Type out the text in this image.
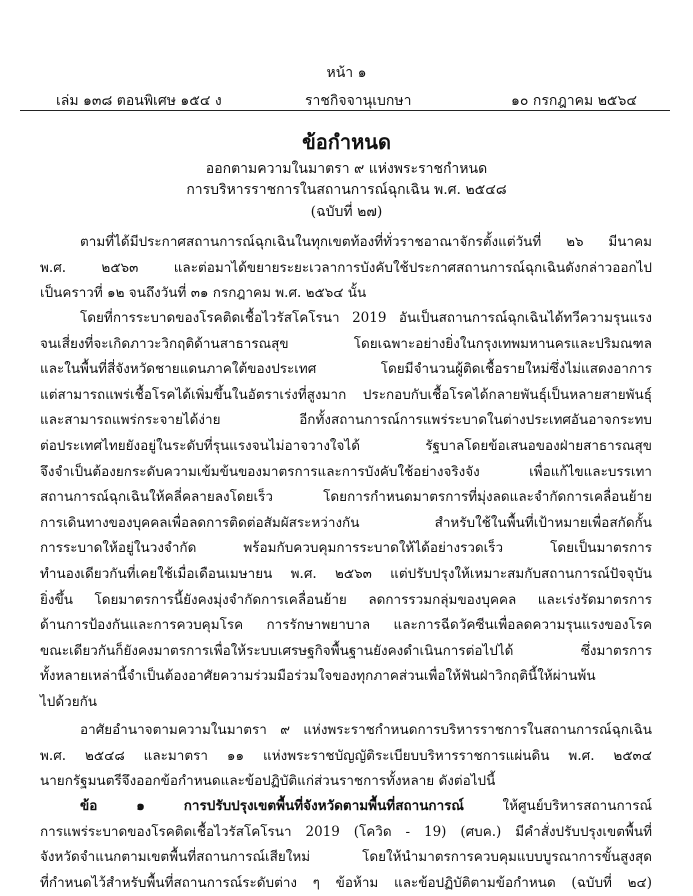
หน้า ๑
เล่ม ๑๓๘ ตอนพิเศษ ๑๕๔ ง	ราชกิจจานุเบกษา	๑๐ กรกฎาคม ๒๕๖๔
ข้อกำหนด
ออกตามความในมาตรา ๙ แห่งพระราชกำหนด
การบริหารราชการในสถานการณ์ฉุกเฉิน พ.ศ. ๒๕๔๘
(ฉบับที่ ๒๗)
ตามที่ได้มีประกาศสถานการณ์ฉุกเฉินในทุกเขตท้องที่ทั่วราชอาณาจักรตั้งแต่วันที่ ๒๖ มีนาคม
พ.ศ. ๒๕๖๓ และต่อมาได้ขยายระยะเวลาการบังคับใช้ประกาศสถานการณ์ฉุกเฉินดังกล่าวออกไป
เป็นคราวที่ ๑๒ จนถึงวันที่ ๓๑ กรกฎาคม พ.ศ. ๒๕๖๔ นั้น
โดยที่การระบาดของโรคติดเชื้อไวรัสโคโรนา 2019 อันเป็นสถานการณ์ฉุกเฉินได้ทวีความรุนแรง
จนเสี่ยงที่จะเกิดภาวะวิกฤติด้านสาธารณสุข โดยเฉพาะอย่างยิ่งในกรุงเทพมหานครและปริมณฑล
และในพื้นที่สี่จังหวัดชายแดนภาคใต้ของประเทศ โดยมีจำนวนผู้ติดเชื้อรายใหม่ซึ่งไม่แสดงอาการ
แต่สามารถแพร่เชื้อโรคได้เพิ่มขึ้นในอัตราเร่งที่สูงมาก ประกอบกับเชื้อโรคได้กลายพันธุ์เป็นหลายสายพันธุ์
และสามารถแพร่กระจายได้ง่าย อีกทั้งสถานการณ์การแพร่ระบาดในต่างประเทศอันอาจกระทบ
ต่อประเทศไทยยังอยู่ในระดับที่รุนแรงจนไม่อาจวางใจได้ รัฐบาลโดยข้อเสนอของฝ่ายสาธารณสุข
จึงจำเป็นต้องยกระดับความเข้มข้นของมาตรการและการบังคับใช้อย่างจริงจัง เพื่อแก้ไขและบรรเทา
สถานการณ์ฉุกเฉินให้คลี่คลายลงโดยเร็ว โดยการกำหนดมาตรการที่มุ่งลดและจำกัดการเคลื่อนย้าย
การเดินทางของบุคคลเพื่อลดการติดต่อสัมผัสระหว่างกัน สำหรับใช้ในพื้นที่เป้าหมายเพื่อสกัดกั้น
การระบาดให้อยู่ในวงจำกัด พร้อมกับควบคุมการระบาดให้ได้อย่างรวดเร็ว โดยเป็นมาตรการ
ทำนองเดียวกันที่เคยใช้เมื่อเดือนเมษายน พ.ศ. ๒๕๖๓ แต่ปรับปรุงให้เหมาะสมกับสถานการณ์ปัจจุบัน
ยิ่งขึ้น โดยมาตรการนี้ยังคงมุ่งจำกัดการเคลื่อนย้าย ลดการรวมกลุ่มของบุคคล และเร่งรัดมาตรการ
ด้านการป้องกันและการควบคุมโรค การรักษาพยาบาล และการฉีดวัคซีนเพื่อลดความรุนแรงของโรค
ขณะเดียวกันก็ยังคงมาตรการเพื่อให้ระบบเศรษฐกิจพื้นฐานยังคงดำเนินการต่อไปได้ ซึ่งมาตรการ
ทั้งหลายเหล่านี้จำเป็นต้องอาศัยความร่วมมือร่วมใจของทุกภาคส่วนเพื่อให้ฟันฝ่าวิกฤตินี้ให้ผ่านพ้น
ไปด้วยกัน
อาศัยอำนาจตามความในมาตรา ๙ แห่งพระราชกำหนดการบริหารราชการในสถานการณ์ฉุกเฉิน
พ.ศ. ๒๕๔๘ และมาตรา ๑๑ แห่งพระราชบัญญัติระเบียบบริหารราชการแผ่นดิน พ.ศ. ๒๕๓๔
นายกรัฐมนตรีจึงออกข้อกำหนดและข้อปฏิบัติแก่ส่วนราชการทั้งหลาย ดังต่อไปนี้
ข้อ ๑ การปรับปรุงเขตพื้นที่จังหวัดตามพื้นที่สถานการณ์	ให้ศูนย์บริหารสถานการณ์
การแพร่ระบาดของโรคติดเชื้อไวรัสโคโรนา 2019 (โควิด - 19) (ศบค.) มีคำสั่งปรับปรุงเขตพื้นที่
จังหวัดจำแนกตามเขตพื้นที่สถานการณ์เสียใหม่ โดยให้นำมาตรการควบคุมแบบบูรณาการขั้นสูงสุด
ที่กำหนดไว้สำหรับพื้นที่สถานการณ์ระดับต่าง ๆ ข้อห้าม และข้อปฏิบัติตามข้อกำหนด (ฉบับที่ ๒๔)
